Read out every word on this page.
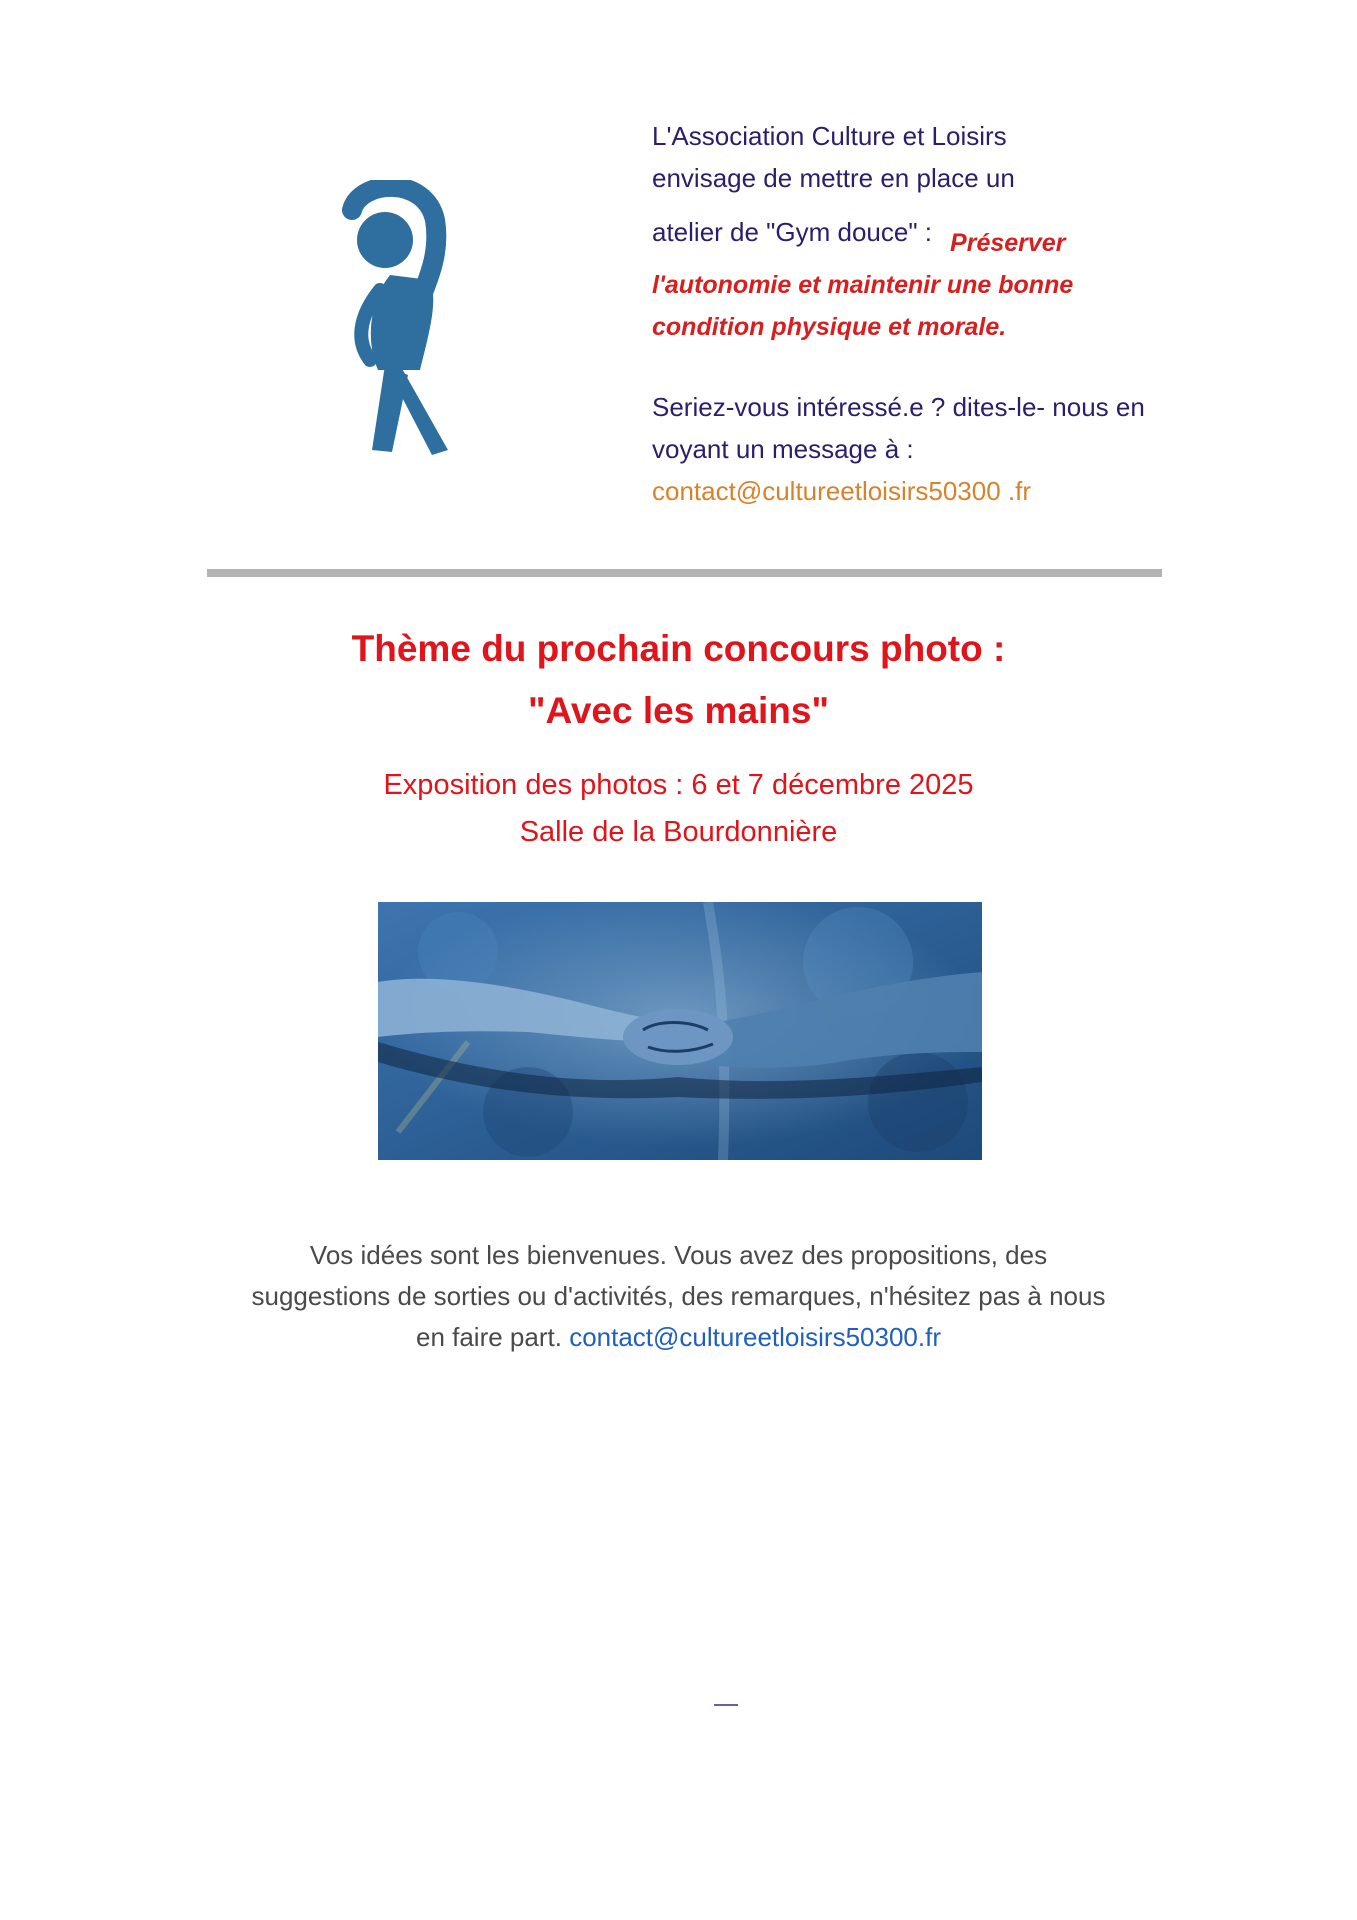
L'Association Culture et Loisirs
envisage de mettre en place un
atelier de "Gym douce" : Préserver
l'autonomie et maintenir une bonne
condition physique et morale.
Seriez-vous intéressé.e ? dites-le- nous en
voyant un message à :
contact@cultureetloisirs50300 .fr
Thème du prochain concours photo :
"Avec les mains"
Exposition des photos : 6 et 7 décembre 2025
Salle de la Bourdonnière
Vos idées sont les bienvenues. Vous avez des propositions, des
suggestions de sorties ou d'activités, des remarques, n'hésitez pas à nous
en faire part. contact@cultureetloisirs50300.fr
